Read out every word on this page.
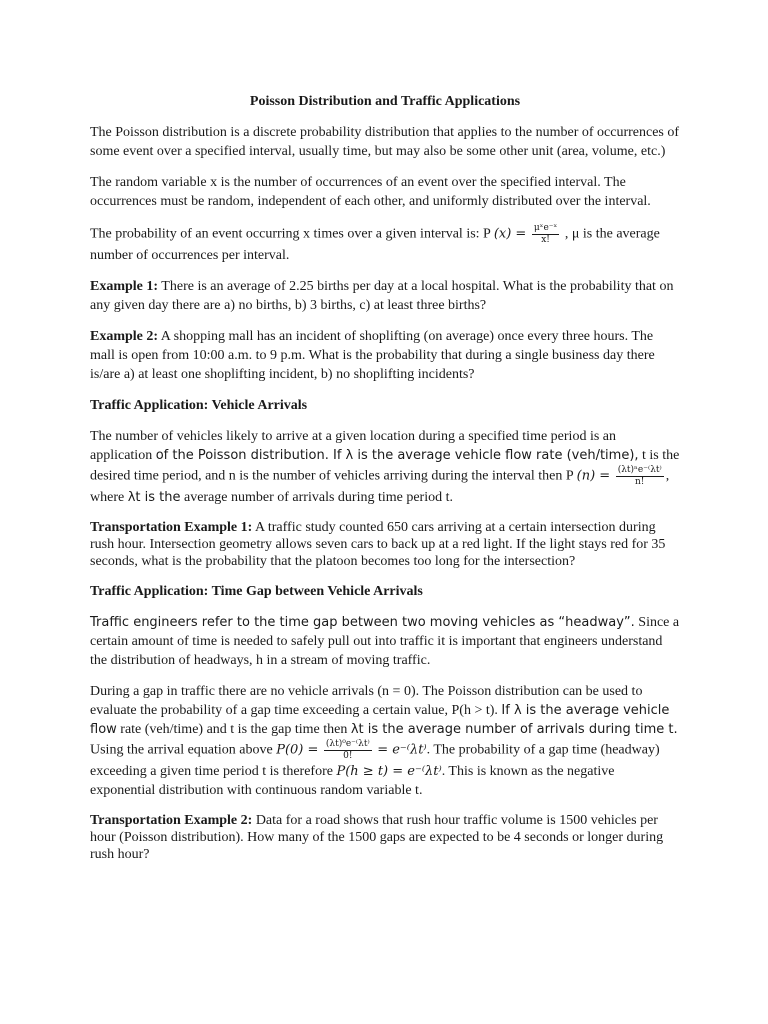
Poisson Distribution and Traffic Applications

The Poisson distribution is a discrete probability distribution that applies to the number of occurrences of some event over a specified interval, usually time, but may also be some other unit (area, volume, etc.)

The random variable x is the number of occurrences of an event over the specified interval. The occurrences must be random, independent of each other, and uniformly distributed over the interval.

The probability of an event occurring x times over a given interval is: P $(x) = \frac{\text{μˣe⁻ˣ}}{x!}$ , μ is the average number of occurrences per interval.

Example 1: There is an average of 2.25 births per day at a local hospital. What is the probability that on any given day there are a) no births, b) 3 births, c) at least three births?

Example 2: A shopping mall has an incident of shoplifting (on average) once every three hours. The mall is open from 10:00 a.m. to 9 p.m. What is the probability that during a single business day there is/are a) at least one shoplifting incident, b) no shoplifting incidents?

Traffic Application: Vehicle Arrivals

The number of vehicles likely to arrive at a given location during a specified time period is an application of the Poisson distribution. If λ is the average vehicle flow rate (veh/time), t is the desired time period, and n is the number of vehicles arriving during the interval then P $(n) = \frac{\text{(λt)ⁿe⁻⁽λt⁾}}{n!}$ , where λt is the average number of arrivals during time period t.

Transportation Example 1: A traffic study counted 650 cars arriving at a certain intersection during rush hour. Intersection geometry allows seven cars to back up at a red light. If the light stays red for 35 seconds, what is the probability that the platoon becomes too long for the intersection?

Traffic Application: Time Gap between Vehicle Arrivals

Traffic engineers refer to the time gap between two moving vehicles as “headway”. Since a certain amount of time is needed to safely pull out into traffic it is important that engineers understand the distribution of headways, h in a stream of moving traffic.

During a gap in traffic there are no vehicle arrivals (n = 0). The Poisson distribution can be used to evaluate the probability of a gap time exceeding a certain value, P(h > t). If λ is the average vehicle flow rate (veh/time) and t is the gap time then λt is the average number of arrivals during time t. Using the arrival equation above $P(0) = \frac{\text{(λt)⁰e⁻⁽λt⁾}}{0!} = e^{-(}\lambda t^)$. The probability of a gap time (headway) exceeding a given time period t is therefore P(h ≥ t) = e⁻⁽λt⁾. This is known as the negative exponential distribution with continuous random variable t.

Transportation Example 2: Data for a road shows that rush hour traffic volume is 1500 vehicles per hour (Poisson distribution). How many of the 1500 gaps are expected to be 4 seconds or longer during rush hour?
